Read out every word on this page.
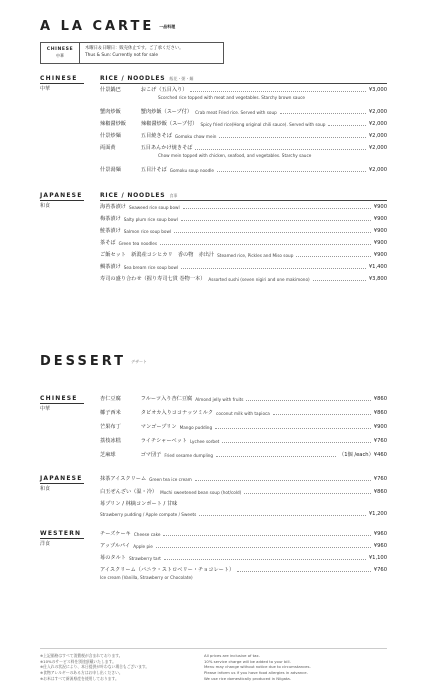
A LA CARTE $^{一品料理}$
CHINESE
中華
木曜日＆日曜日：販売休止です。ご了承ください。
Thus & Sun: Currently not for sale
CHINESE
中華
RICE / NOODLES 飯花・粥・麺
什景鍋巴	おこげ（五目入り）	¥3,000
Scorched rice topped with meat and vegetables. Starchy brown sauce
蟹肉炒飯	蟹肉炒飯（スープ付） Crab meat Fried rice. Served with soup	¥2,000
辣椒醤炒飯	辣椒醤炒飯（スープ付） Spicy fried rice(Hong original chili sauce). Served with soup	¥2,000
什景炒麺	五目焼きそば Gomoku chow mein	¥2,000
両面黄	五目あんかけ焼きそば	¥2,000
Chow mein topped with chicken, seafood, and vegetables. Starchy sauce
什景湯麺	五目汁そば Gomoku soup noodle	¥2,000
JAPANESE
和食
RICE / NOODLES 食事
海苔茶漬け Seaweed rice soup bowl	¥900
梅茶漬け Salty plum rice soup bowl	¥900
鮭茶漬け Salmon rice soup bowl	¥900
茶そば Green tea noodles	¥900
ご飯セット　新潟産コシヒカリ　香の物　赤出汁 Steamed rice, Pickles and Miso soup	¥900
鯛茶漬け Sea bream rice soup bowl	¥1,400
寿司の盛り合わせ（握り寿司七貫 巻物一本） Assorted sushi (seven nigiri and one makimono)	¥3,800
DESSERT $^{デザート}$
CHINESE
中華
杏仁豆腐	フルーツ入り杏仁豆腐 Almond jelly with fruits	¥860
椰子西米	タピオカ入りココナッツミルク coconut milk with tapioca	¥860
芒果布丁	マンゴープリン Mango pudding	¥900
荔枝冰糕	ライチシャーベット Lychee sorbet	¥760
芝麻球	ゴマ団子 Fried sesame dumpling	（1個 /each）¥460
JAPANESE
和食
抹茶アイスクリーム Green tea ice cream	¥760
白玉ぜんざい（温・冷） Mochi sweetened bean soup (hot/cold)	¥860
苺プリン / 林檎コンポート / 甘味
Strawberry pudding / Apple compote / Sweets	¥1,200
WESTERN
洋食
チーズケーキ Cheese cake	¥960
アップルパイ Apple pie	¥960
苺のタルト Strawberry tart	¥1,100
アイスクリーム（バニラ・ストロベリー・チョコレート）	¥760
Ice cream (Vanilla, Strawberry or Chocolate)
※上記価格はすべて消費税が含まれております。
※10%のサービス料を別途頂戴いたします。
※仕入れの状況により、本日提供が叶わない場合もございます。
※食物アレルギーのある方はお申し出ください。
※お米はすべて新潟県産を使用しております。
All prices are inclusive of tax.
10% service charge will be added to your bill.
Menu may change without notice due to circumstances.
Please inform us if you have food allergies in advance.
We use rice domestically produced in Niigata.
